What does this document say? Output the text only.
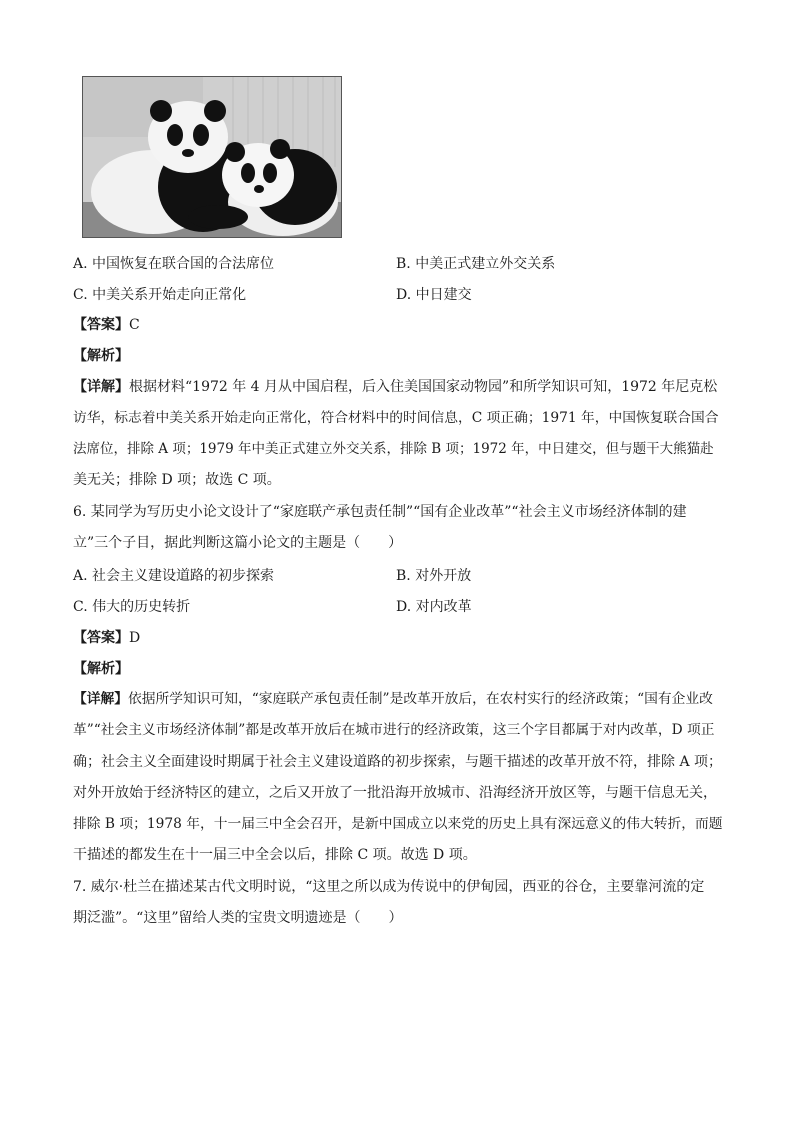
A. 中国恢复在联合国的合法席位	B. 中美正式建立外交关系
C. 中美关系开始走向正常化	D. 中日建交
【答案】C
【解析】
【详解】根据材料“1972 年 4 月从中国启程，后入住美国国家动物园”和所学知识可知，1972 年尼克松
访华，标志着中美关系开始走向正常化，符合材料中的时间信息，C 项正确；1971 年，中国恢复联合国合
法席位，排除 A 项；1979 年中美正式建立外交关系，排除 B 项；1972 年，中日建交，但与题干大熊猫赴
美无关；排除 D 项；故选 C 项。
6. 某同学为写历史小论文设计了“家庭联产承包责任制”“国有企业改革”“社会主义市场经济体制的建
立”三个子目，据此判断这篇小论文的主题是（　　）
A. 社会主义建设道路的初步探索	B. 对外开放
C. 伟大的历史转折	D. 对内改革
【答案】D
【解析】
【详解】依据所学知识可知，“家庭联产承包责任制”是改革开放后，在农村实行的经济政策；“国有企业改
革”“社会主义市场经济体制”都是改革开放后在城市进行的经济政策，这三个字目都属于对内改革，D 项正
确；社会主义全面建设时期属于社会主义建设道路的初步探索，与题干描述的改革开放不符，排除 A 项；
对外开放始于经济特区的建立，之后又开放了一批沿海开放城市、沿海经济开放区等，与题干信息无关，
排除 B 项；1978 年，十一届三中全会召开，是新中国成立以来党的历史上具有深远意义的伟大转折，而题
干描述的都发生在十一届三中全会以后，排除 C 项。故选 D 项。
7. 威尔·杜兰在描述某古代文明时说，“这里之所以成为传说中的伊甸园，西亚的谷仓，主要靠河流的定
期泛滥”。“这里”留给人类的宝贵文明遗迹是（　　）
